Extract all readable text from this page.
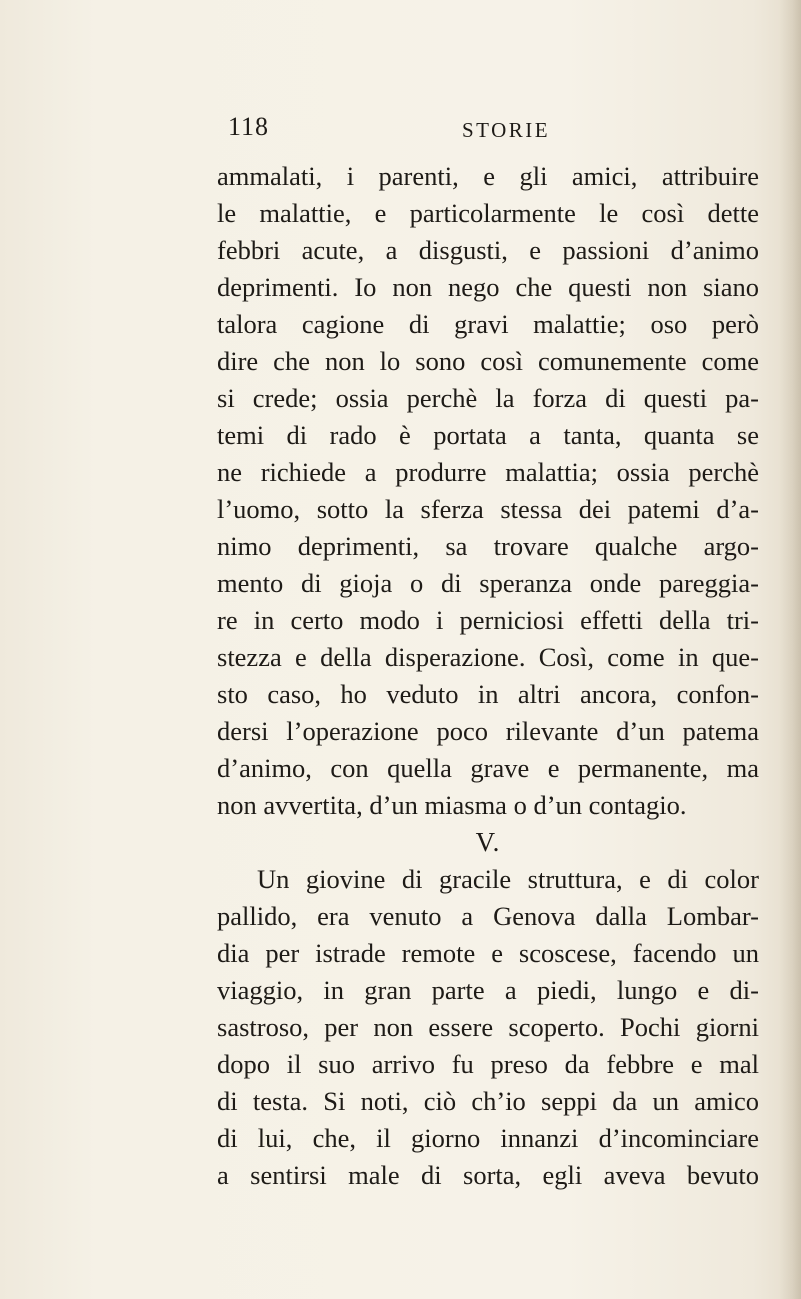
118	STORIE
ammalati, i parenti, e gli amici, attribuire
le malattie, e particolarmente le così dette
febbri acute, a disgusti, e passioni d’animo
deprimenti. Io non nego che questi non siano
talora cagione di gravi malattie; oso però
dire che non lo sono così comunemente come
si crede; ossia perchè la forza di questi pa-
temi di rado è portata a tanta, quanta se
ne richiede a produrre malattia; ossia perchè
l’uomo, sotto la sferza stessa dei patemi d’a-
nimo deprimenti, sa trovare qualche argo-
mento di gioja o di speranza onde pareggia-
re in certo modo i perniciosi effetti della tri-
stezza e della disperazione. Così, come in que-
sto caso, ho veduto in altri ancora, confon-
dersi l’operazione poco rilevante d’un patema
d’animo, con quella grave e permanente, ma
non avvertita, d’un miasma o d’un contagio.
V.
Un giovine di gracile struttura, e di color
pallido, era venuto a Genova dalla Lombar-
dia per istrade remote e scoscese, facendo un
viaggio, in gran parte a piedi, lungo e di-
sastroso, per non essere scoperto. Pochi giorni
dopo il suo arrivo fu preso da febbre e mal
di testa. Si noti, ciò ch’io seppi da un amico
di lui, che, il giorno innanzi d’incominciare
a sentirsi male di sorta, egli aveva bevuto
